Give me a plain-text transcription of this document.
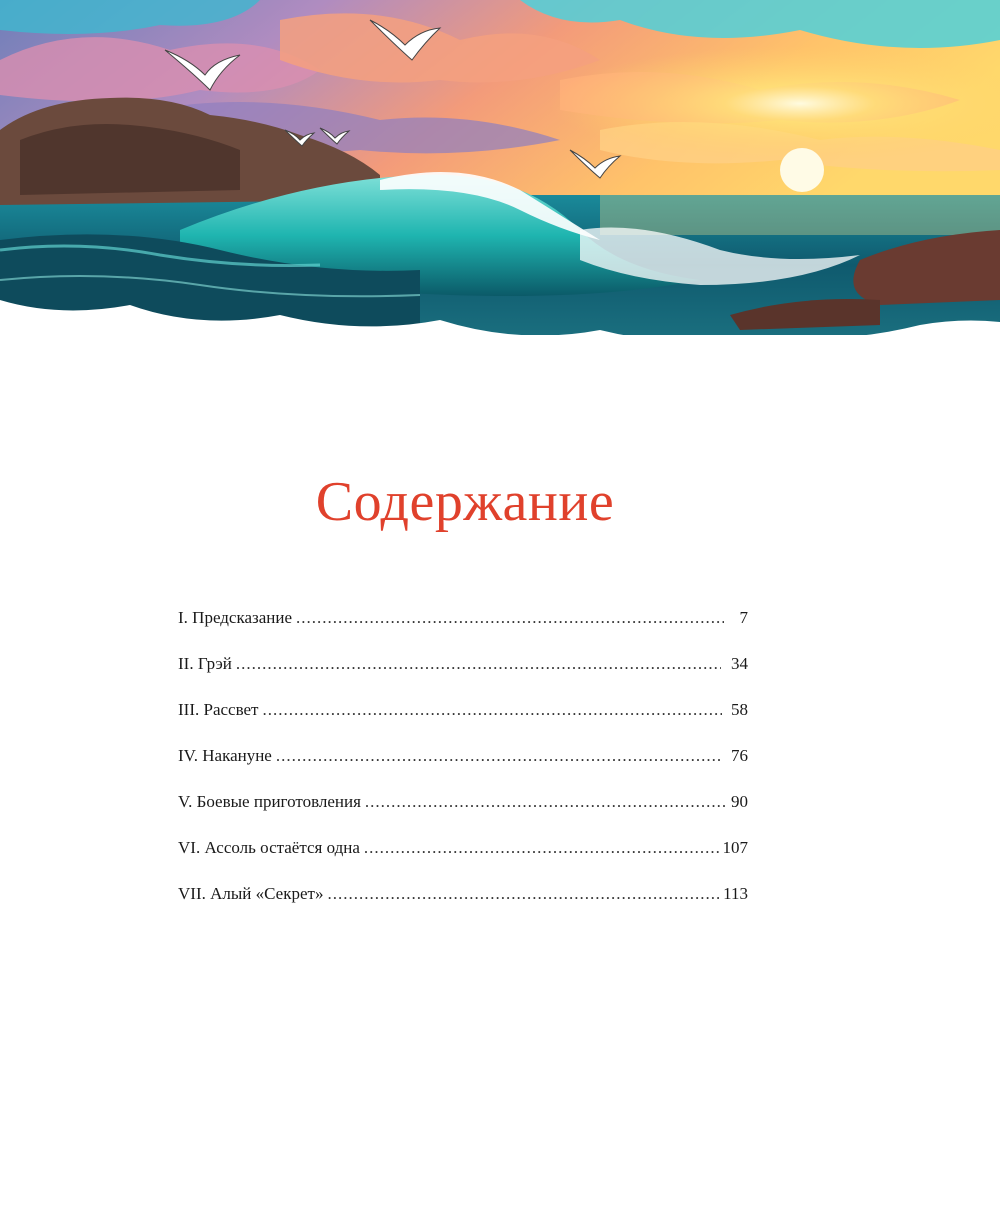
Содержание
I. Предсказание .....	7
II. Грэй .....	34
III. Рассвет .....	58
IV. Накануне .....	76
V. Боевые приготовления .....	90
VI. Ассоль остаётся одна .....	107
VII. Алый «Секрет» .....	113
